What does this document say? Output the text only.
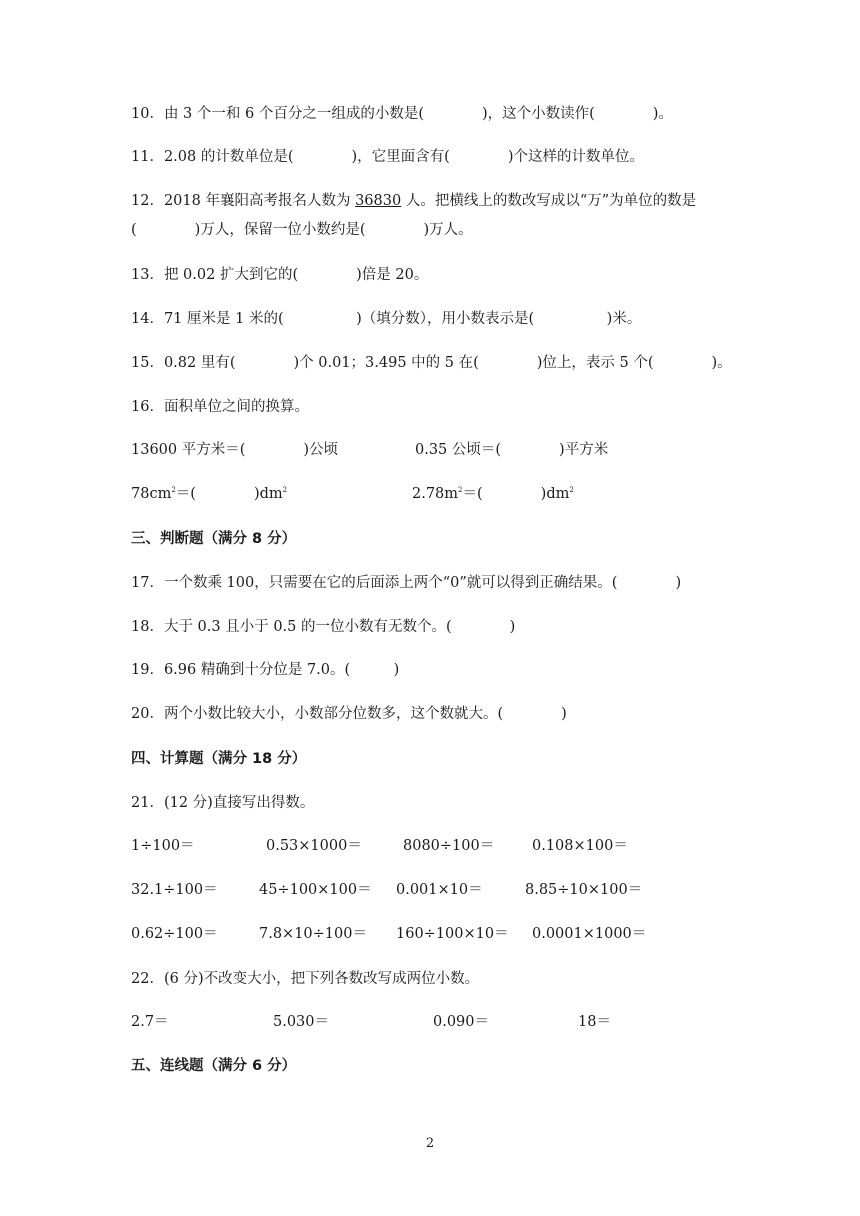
10．由 3 个一和 6 个百分之一组成的小数是(　　　　)，这个小数读作(　　　　)。
11．2.08 的计数单位是(　　　　)，它里面含有(　　　　)个这样的计数单位。
12．2018 年襄阳高考报名人数为 36830 人。把横线上的数改写成以“万”为单位的数是
(　　　　)万人，保留一位小数约是(　　　　)万人。
13．把 0.02 扩大到它的(　　　　)倍是 20。
14．71 厘米是 1 米的(　　　　　)（填分数），用小数表示是(　　　　　)米。
15．0.82 里有(　　　　)个 0.01；3.495 中的 5 在(　　　　)位上，表示 5 个(　　　　)。
16．面积单位之间的换算。
13600 平方米＝(　　　　)公顷	0.35 公顷＝(　　　　)平方米
$78cm^2=$(　　　　)$dm^2$	$2.78m^2=$(　　　　)$dm^2$
三、判断题（满分 8 分）
17．一个数乘 100，只需要在它的后面添上两个“0”就可以得到正确结果。(　　　　)
18．大于 0.3 且小于 0.5 的一位小数有无数个。(　　　　)
19．6.96 精确到十分位是 7.0。(　　　)
20．两个小数比较大小，小数部分位数多，这个数就大。(　　　　)
四、计算题（满分 18 分）
21．(12 分)直接写出得数。
1÷100＝	0.53×1000＝	8080÷100＝	0.108×100＝
32.1÷100＝	45÷100×100＝ 0.001×10＝	8.85÷10×100＝
0.62÷100＝	7.8×10÷100＝ 160÷100×10＝ 0.0001×1000＝
22．(6 分)不改变大小，把下列各数改写成两位小数。
2.7＝	5.030＝	0.090＝	18＝
五、连线题（满分 6 分）
2
